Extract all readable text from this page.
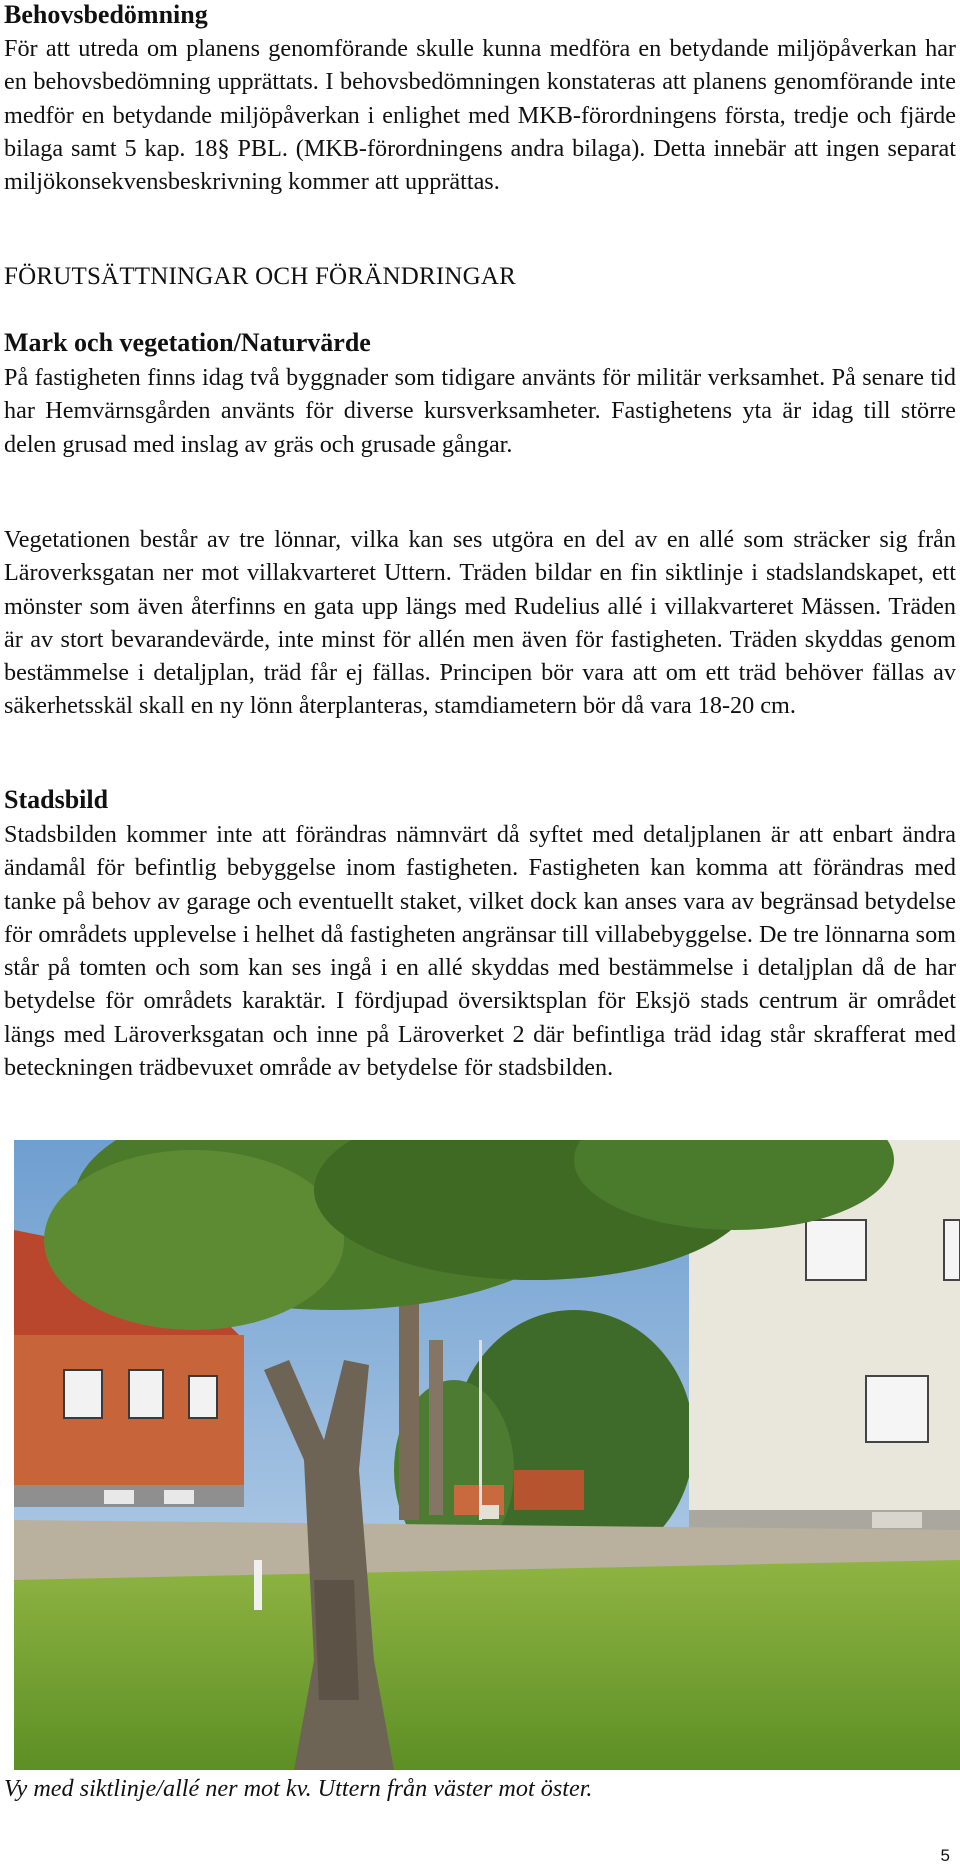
Behovsbedömning

För att utreda om planens genomförande skulle kunna medföra en betydande miljöpåverkan har en behovsbedömning upprättats. I behovsbedömningen konstateras att planens genomförande inte medför en betydande miljöpåverkan i enlighet med MKB-förordningens första, tredje och fjärde bilaga samt 5 kap. 18§ PBL. (MKB-förordningens andra bilaga). Detta innebär att ingen separat miljökonsekvensbeskrivning kommer att upprättas.

FÖRUTSÄTTNINGAR OCH FÖRÄNDRINGAR

Mark och vegetation/Naturvärde

På fastigheten finns idag två byggnader som tidigare använts för militär verksamhet. På senare tid har Hemvärnsgården använts för diverse kursverksamheter. Fastighetens yta är idag till större delen grusad med inslag av gräs och grusade gångar.

Vegetationen består av tre lönnar, vilka kan ses utgöra en del av en allé som sträcker sig från Läroverksgatan ner mot villakvarteret Uttern. Träden bildar en fin siktlinje i stadslandskapet, ett mönster som även återfinns en gata upp längs med Rudelius allé i villakvarteret Mässen. Träden är av stort bevarandevärde, inte minst för allén men även för fastigheten. Träden skyddas genom bestämmelse i detaljplan, träd får ej fällas. Principen bör vara att om ett träd behöver fällas av säkerhetsskäl skall en ny lönn återplanteras, stamdiametern bör då vara 18-20 cm.

Stadsbild

Stadsbilden kommer inte att förändras nämnvärt då syftet med detaljplanen är att enbart ändra ändamål för befintlig bebyggelse inom fastigheten. Fastigheten kan komma att förändras med tanke på behov av garage och eventuellt staket, vilket dock kan anses vara av begränsad betydelse för områdets upplevelse i helhet då fastigheten angränsar till villabebyggelse. De tre lönnarna som står på tomten och som kan ses ingå i en allé skyddas med bestämmelse i detaljplan då de har betydelse för områdets karaktär. I fördjupad översiktsplan för Eksjö stads centrum är området längs med Läroverksgatan och inne på Läroverket 2 där befintliga träd idag står skrafferat med beteckningen trädbevuxet område av betydelse för stadsbilden.

Vy med siktlinje/allé ner mot kv. Uttern från väster mot öster.

5
